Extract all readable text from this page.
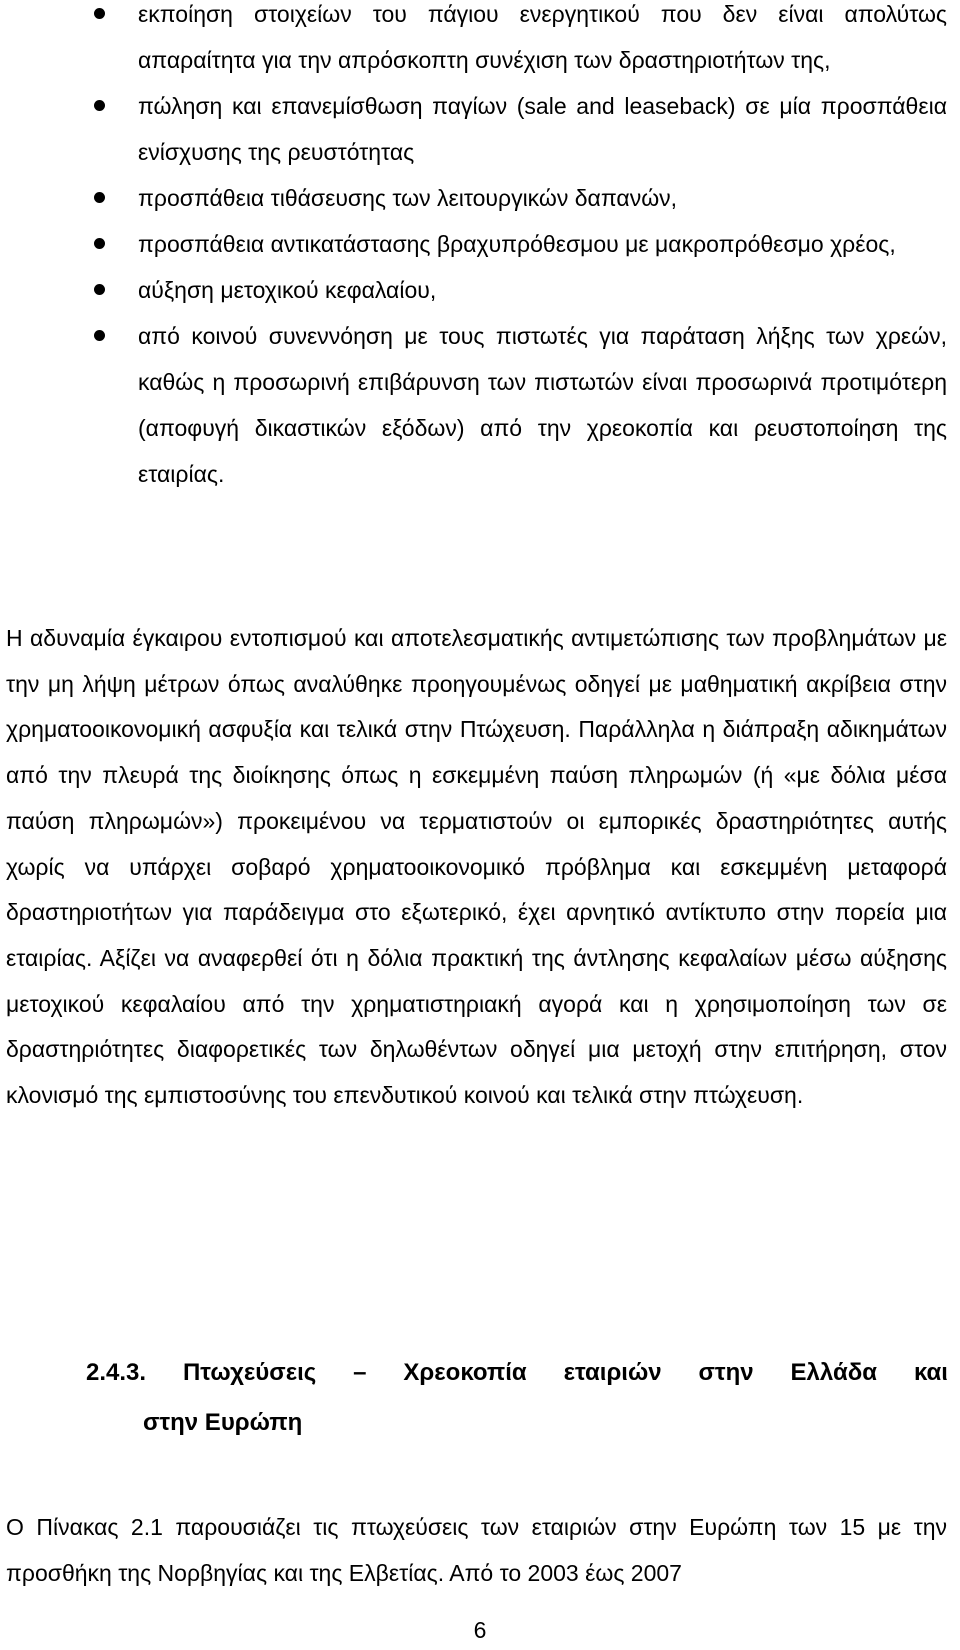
εκποίηση στοιχείων του πάγιου ενεργητικού που δεν είναι απολύτως απαραίτητα για την απρόσκοπτη συνέχιση των δραστηριοτήτων της,
πώληση και επανεμίσθωση παγίων (sale and leaseback) σε μία προσπάθεια ενίσχυσης της ρευστότητας
προσπάθεια τιθάσευσης των λειτουργικών δαπανών,
προσπάθεια αντικατάστασης βραχυπρόθεσμου με μακροπρόθεσμο χρέος,
αύξηση μετοχικού κεφαλαίου,
από κοινού συνεννόηση με τους πιστωτές για παράταση λήξης των χρεών, καθώς η προσωρινή επιβάρυνση των πιστωτών είναι προσωρινά προτιμότερη (αποφυγή δικαστικών εξόδων) από την χρεοκοπία και ρευστοποίηση της εταιρίας.

Η αδυναμία έγκαιρου εντοπισμού και αποτελεσματικής αντιμετώπισης των προβλημάτων με την μη λήψη μέτρων όπως αναλύθηκε προηγουμένως οδηγεί με μαθηματική ακρίβεια στην χρηματοοικονομική ασφυξία και τελικά στην Πτώχευση. Παράλληλα η διάπραξη αδικημάτων από την πλευρά της διοίκησης όπως η εσκεμμένη παύση πληρωμών (ή «με δόλια μέσα παύση πληρωμών») προκειμένου να τερματιστούν οι εμπορικές δραστηριότητες αυτής χωρίς να υπάρχει σοβαρό χρηματοοικονομικό πρόβλημα και εσκεμμένη μεταφορά δραστηριοτήτων για παράδειγμα στο εξωτερικό, έχει αρνητικό αντίκτυπο στην πορεία μια εταιρίας. Αξίζει να αναφερθεί ότι η δόλια πρακτική της άντλησης κεφαλαίων μέσω αύξησης μετοχικού κεφαλαίου από την χρηματιστηριακή αγορά και η χρησιμοποίηση των σε δραστηριότητες διαφορετικές των δηλωθέντων οδηγεί μια μετοχή στην επιτήρηση, στον κλονισμό της εμπιστοσύνης του επενδυτικού κοινού και τελικά στην πτώχευση.

2.4.3. Πτωχεύσεις – Χρεοκοπία εταιριών στην Ελλάδα και
στην Ευρώπη

Ο Πίνακας 2.1 παρουσιάζει τις πτωχεύσεις των εταιριών στην Ευρώπη των 15 με την προσθήκη της Νορβηγίας και της Ελβετίας. Από το 2003 έως 2007

6
